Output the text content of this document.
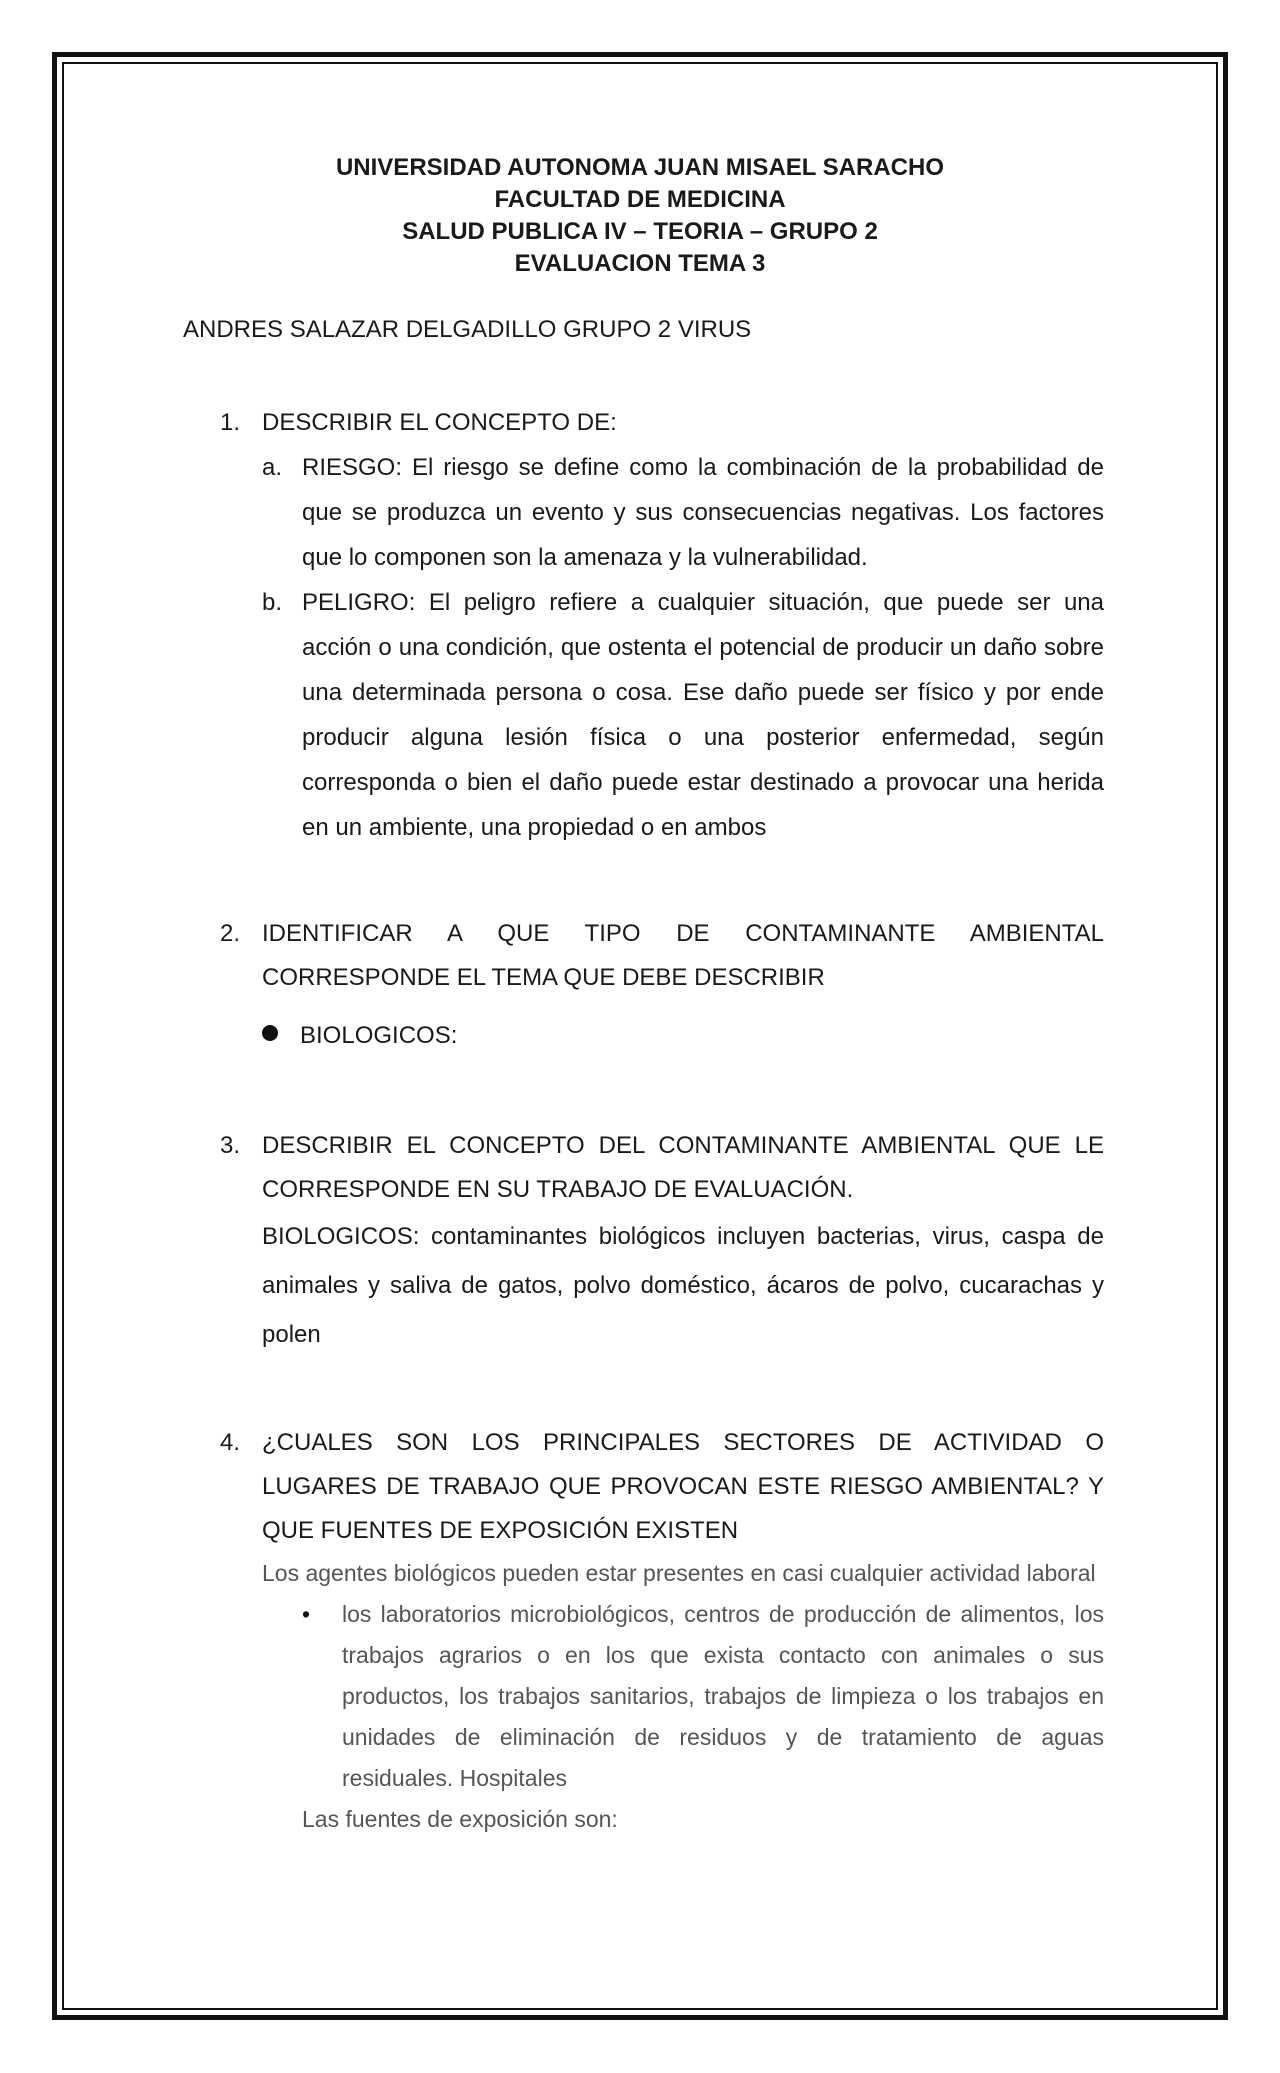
UNIVERSIDAD AUTONOMA JUAN MISAEL SARACHO
FACULTAD DE MEDICINA
SALUD PUBLICA IV – TEORIA – GRUPO 2
EVALUACION TEMA 3
ANDRES SALAZAR DELGADILLO GRUPO 2 VIRUS
1. DESCRIBIR EL CONCEPTO DE:
a. RIESGO: El riesgo se define como la combinación de la probabilidad de que se produzca un evento y sus consecuencias negativas. Los factores que lo componen son la amenaza y la vulnerabilidad.
b. PELIGRO: El peligro refiere a cualquier situación, que puede ser una acción o una condición, que ostenta el potencial de producir un daño sobre una determinada persona o cosa. Ese daño puede ser físico y por ende producir alguna lesión física o una posterior enfermedad, según corresponda o bien el daño puede estar destinado a provocar una herida en un ambiente, una propiedad o en ambos
2. IDENTIFICAR A QUE TIPO DE CONTAMINANTE AMBIENTAL CORRESPONDE EL TEMA QUE DEBE DESCRIBIR
BIOLOGICOS:
3. DESCRIBIR EL CONCEPTO DEL CONTAMINANTE AMBIENTAL QUE LE CORRESPONDE EN SU TRABAJO DE EVALUACIÓN.
BIOLOGICOS: contaminantes biológicos incluyen bacterias, virus, caspa de animales y saliva de gatos, polvo doméstico, ácaros de polvo, cucarachas y polen
4. ¿CUALES SON LOS PRINCIPALES SECTORES DE ACTIVIDAD O LUGARES DE TRABAJO QUE PROVOCAN ESTE RIESGO AMBIENTAL? Y QUE FUENTES DE EXPOSICIÓN EXISTEN
Los agentes biológicos pueden estar presentes en casi cualquier actividad laboral
• los laboratorios microbiológicos, centros de producción de alimentos, los trabajos agrarios o en los que exista contacto con animales o sus productos, los trabajos sanitarios, trabajos de limpieza o los trabajos en unidades de eliminación de residuos y de tratamiento de aguas residuales. Hospitales
Las fuentes de exposición son:
